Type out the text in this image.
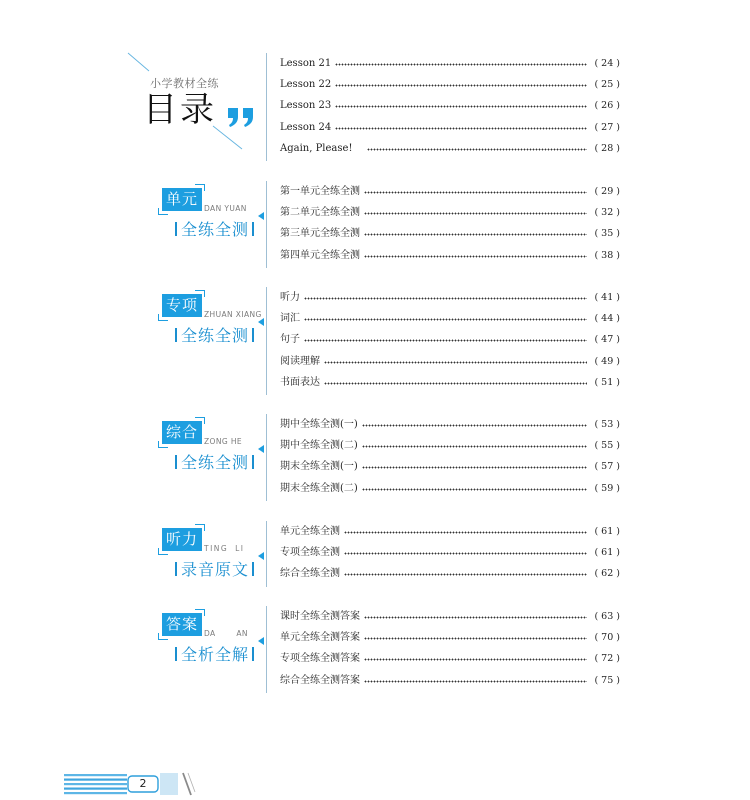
小学教材全练
目录
Lesson 21	( 24 )
Lesson 22	( 25 )
Lesson 23	( 26 )
Lesson 24	( 27 )
Again, Please!	( 28 )
单元
DAN YUAN
全练全测
第一单元全练全测	( 29 )
第二单元全练全测	( 32 )
第三单元全练全测	( 35 )
第四单元全练全测	( 38 )
专项
ZHUAN XIANG
全练全测
听力	( 41 )
词汇	( 44 )
句子	( 47 )
阅读理解	( 49 )
书面表达	( 51 )
综合
ZONG HE
全练全测
期中全练全测(一)	( 53 )
期中全练全测(二)	( 55 )
期末全练全测(一)	( 57 )
期末全练全测(二)	( 59 )
听力
TING LI
录音原文
单元全练全测	( 61 )
专项全练全测	( 61 )
综合全练全测	( 62 )
答案
DA AN
全析全解
课时全练全测答案	( 63 )
单元全练全测答案	( 70 )
专项全练全测答案	( 72 )
综合全练全测答案	( 75 )
2
